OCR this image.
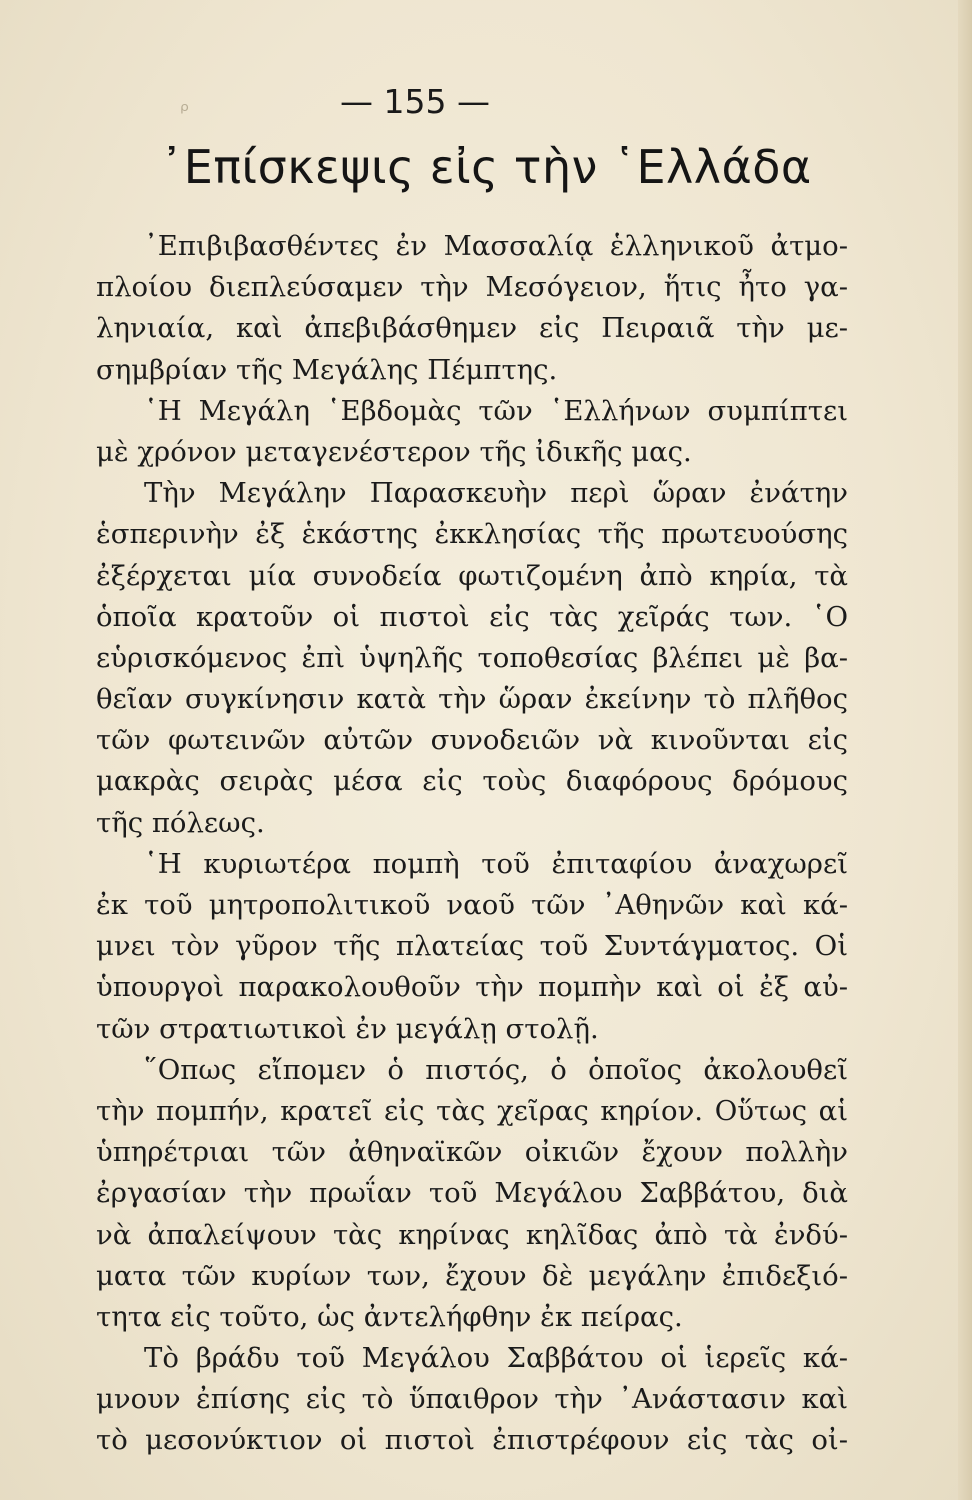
ᵨ	— 155 —
᾽Επίσκεψις εἰς τὴν ῾Ελλάδα
᾽Επιβιβασθέντες ἐν Μασσαλίᾳ ἑλληνικοῦ ἀτμο-
πλοίου διεπλεύσαμεν τὴν Μεσόγειον, ἥτις ἦτο γα-
ληνιαία, καὶ ἀπεβιβάσθημεν εἰς Πειραιᾶ τὴν με-
σημβρίαν τῆς Μεγάλης Πέμπτης.
῾Η Μεγάλη ῾Εβδομὰς τῶν ῾Ελλήνων συμπίπτει
μὲ χρόνον μεταγενέστερον τῆς ἰδικῆς μας.
Τὴν Μεγάλην Παρασκευὴν περὶ ὥραν ἐνάτην
ἑσπερινὴν ἐξ ἑκάστης ἐκκλησίας τῆς πρωτευούσης
ἐξέρχεται μία συνοδεία φωτιζομένη ἀπὸ κηρία, τὰ
ὁποῖα κρατοῦν οἱ πιστοὶ εἰς τὰς χεῖράς των. ῾Ο
εὑρισκόμενος ἐπὶ ὑψηλῆς τοποθεσίας βλέπει μὲ βα-
θεῖαν συγκίνησιν κατὰ τὴν ὥραν ἐκείνην τὸ πλῆθος
τῶν φωτεινῶν αὐτῶν συνοδειῶν νὰ κινοῦνται εἰς
μακρὰς σειρὰς μέσα εἰς τοὺς διαφόρους δρόμους
τῆς πόλεως.
῾Η κυριωτέρα πομπὴ τοῦ ἐπιταφίου ἀναχωρεῖ
ἐκ τοῦ μητροπολιτικοῦ ναοῦ τῶν ᾽Αθηνῶν καὶ κά-
μνει τὸν γῦρον τῆς πλατείας τοῦ Συντάγματος. Οἱ
ὑπουργοὶ παρακολουθοῦν τὴν πομπὴν καὶ οἱ ἐξ αὐ-
τῶν στρατιωτικοὶ ἐν μεγάλῃ στολῇ.
῞Οπως εἴπομεν ὁ πιστός, ὁ ὁποῖος ἀκολουθεῖ
τὴν πομπήν, κρατεῖ εἰς τὰς χεῖρας κηρίον. Οὕτως αἱ
ὑπηρέτριαι τῶν ἀθηναϊκῶν οἰκιῶν ἔχουν πολλὴν
ἐργασίαν τὴν πρωΐαν τοῦ Μεγάλου Σαββάτου, διὰ
νὰ ἀπαλείψουν τὰς κηρίνας κηλῖδας ἀπὸ τὰ ἐνδύ-
ματα τῶν κυρίων των, ἔχουν δὲ μεγάλην ἐπιδεξιό-
τητα εἰς τοῦτο, ὡς ἀντελήφθην ἐκ πείρας.
Τὸ βράδυ τοῦ Μεγάλου Σαββάτου οἱ ἱερεῖς κά-
μνουν ἐπίσης εἰς τὸ ὕπαιθρον τὴν ᾽Ανάστασιν καὶ
τὸ μεσονύκτιον οἱ πιστοὶ ἐπιστρέφουν εἰς τὰς οἰ-
